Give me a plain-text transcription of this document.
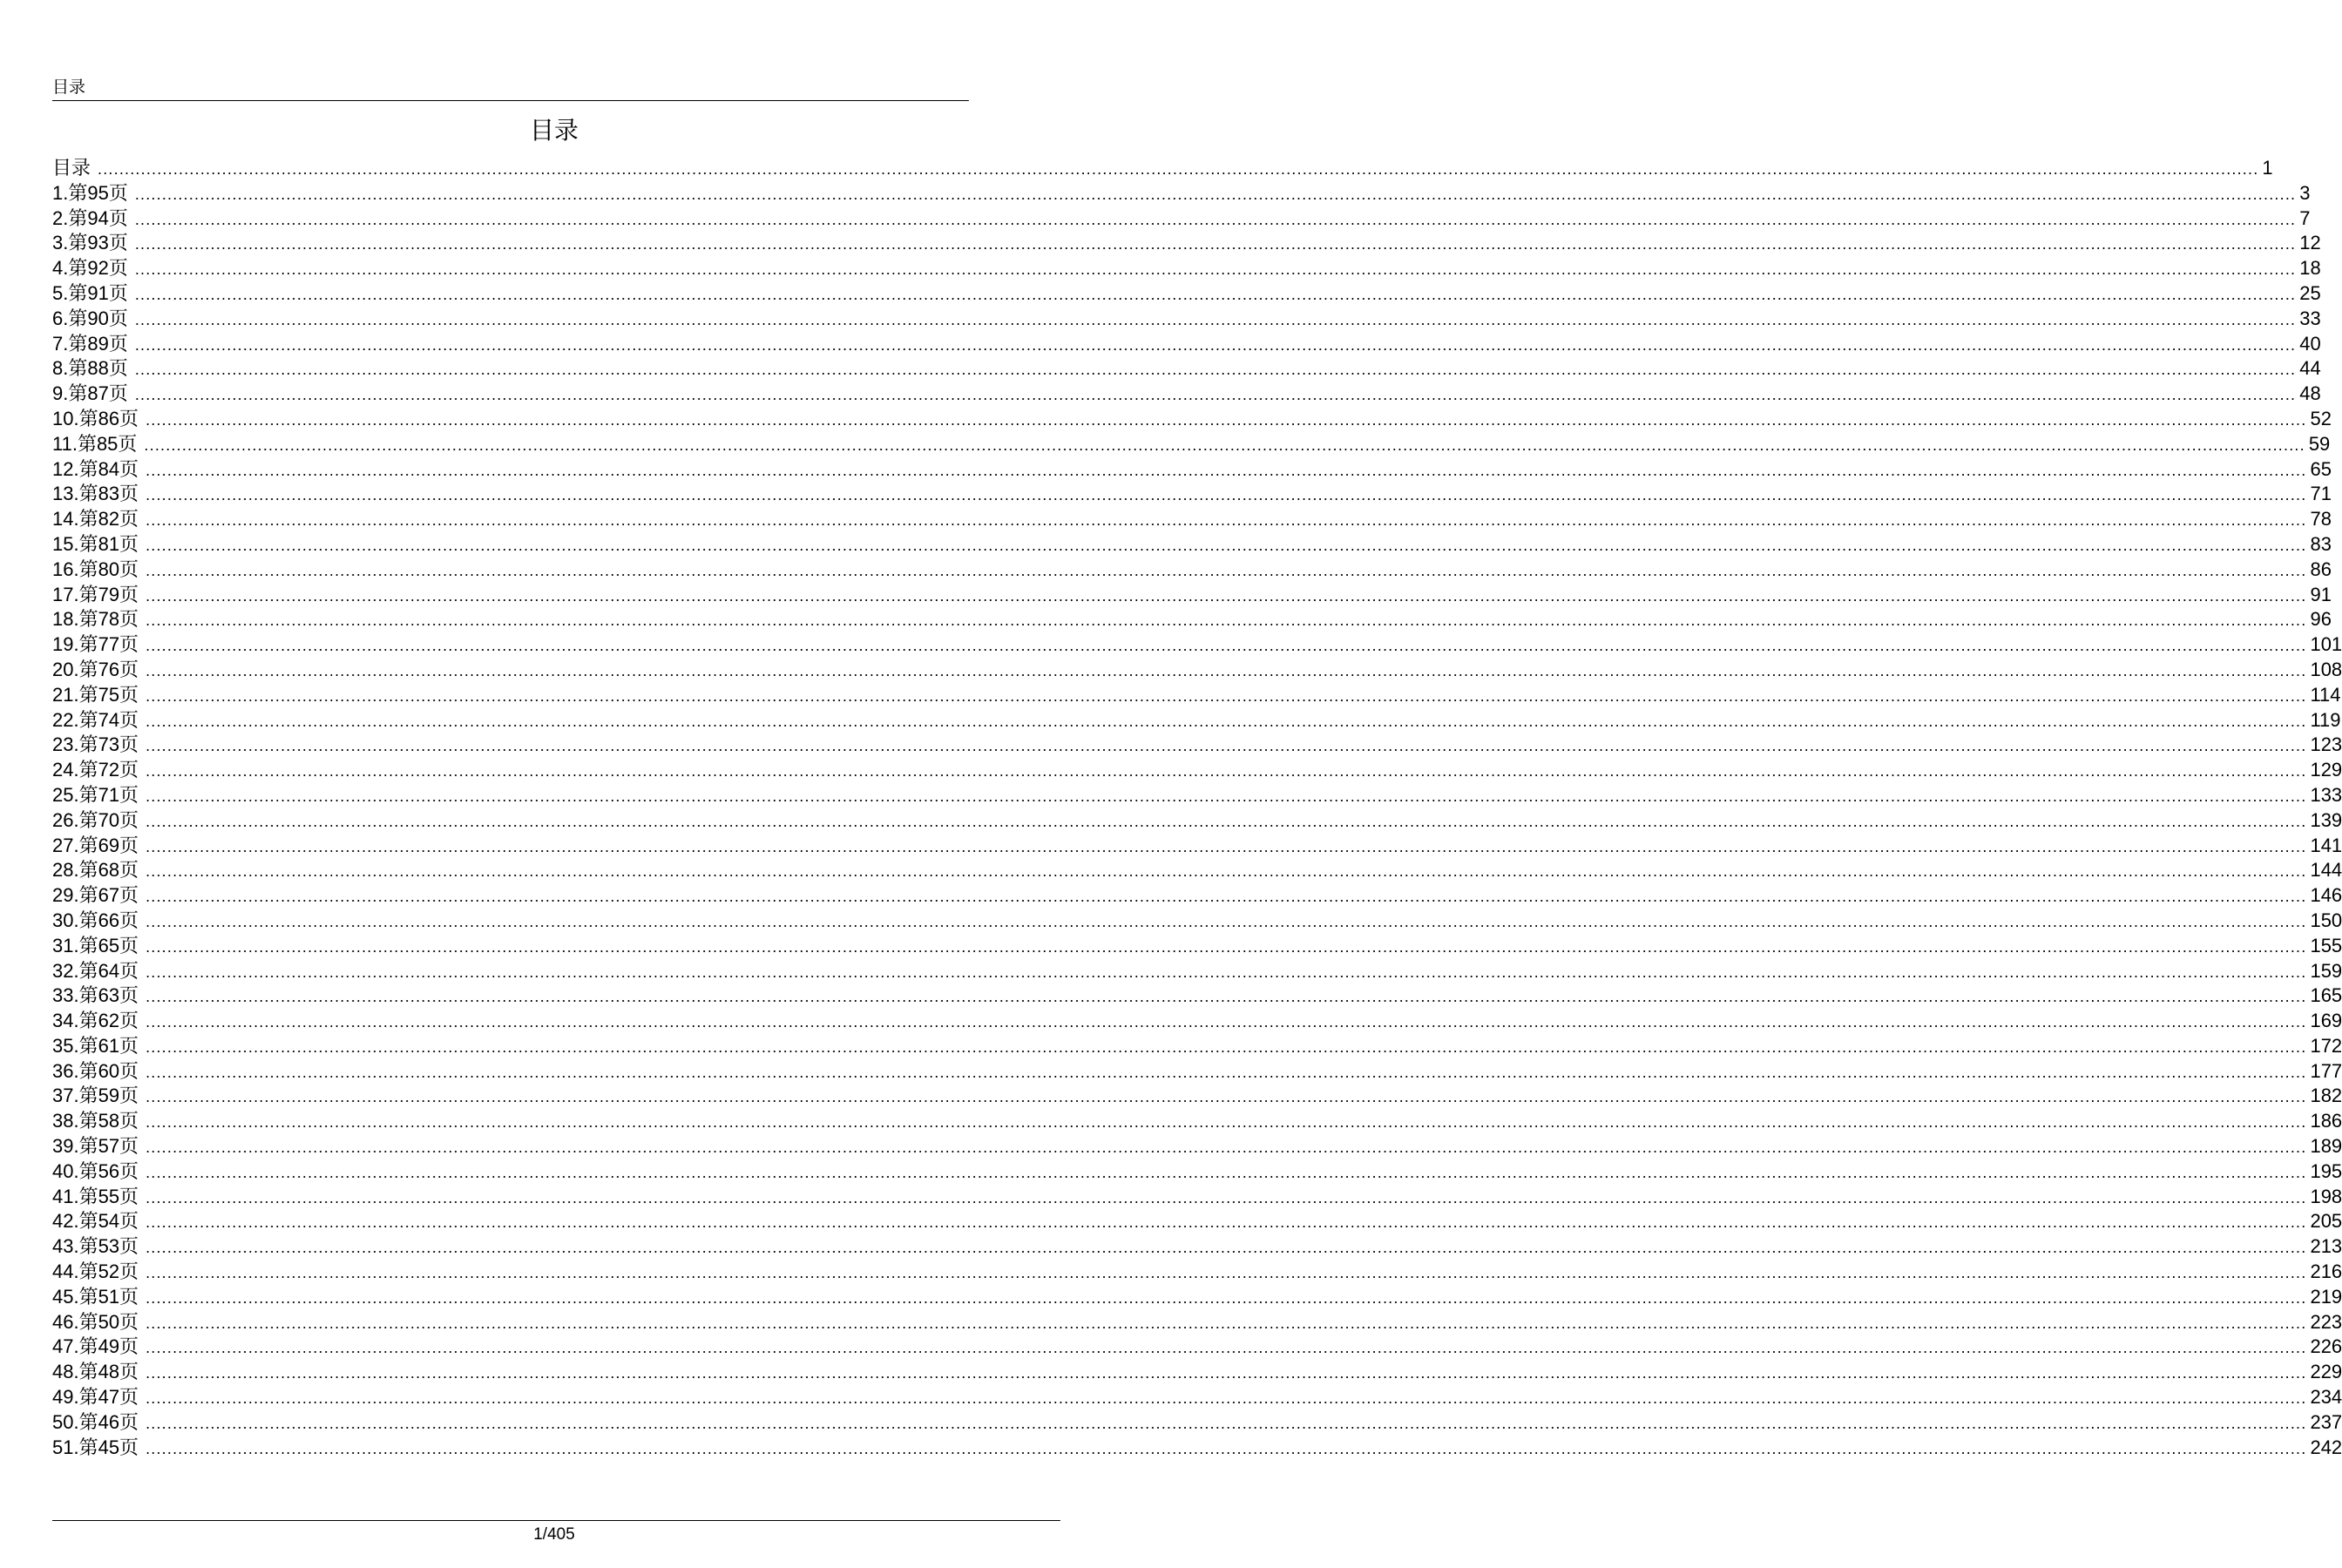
目录
目录
目录 ................................................................................................................................................................................................................................................................................................................................................................................................................ 1
1.第95页 ................................................................................................................................................................................................................................................................................................................................................................................................................ 3
2.第94页 ................................................................................................................................................................................................................................................................................................................................................................................................................ 7
3.第93页 ................................................................................................................................................................................................................................................................................................................................................................................................................ 12
4.第92页 ................................................................................................................................................................................................................................................................................................................................................................................................................ 18
5.第91页 ................................................................................................................................................................................................................................................................................................................................................................................................................ 25
6.第90页 ................................................................................................................................................................................................................................................................................................................................................................................................................ 33
7.第89页 ................................................................................................................................................................................................................................................................................................................................................................................................................ 40
8.第88页 ................................................................................................................................................................................................................................................................................................................................................................................................................ 44
9.第87页 ................................................................................................................................................................................................................................................................................................................................................................................................................ 48
10.第86页 ................................................................................................................................................................................................................................................................................................................................................................................................................ 52
11.第85页 ................................................................................................................................................................................................................................................................................................................................................................................................................ 59
12.第84页 ................................................................................................................................................................................................................................................................................................................................................................................................................ 65
13.第83页 ................................................................................................................................................................................................................................................................................................................................................................................................................ 71
14.第82页 ................................................................................................................................................................................................................................................................................................................................................................................................................ 78
15.第81页 ................................................................................................................................................................................................................................................................................................................................................................................................................ 83
16.第80页 ................................................................................................................................................................................................................................................................................................................................................................................................................ 86
17.第79页 ................................................................................................................................................................................................................................................................................................................................................................................................................ 91
18.第78页 ................................................................................................................................................................................................................................................................................................................................................................................................................ 96
19.第77页 ................................................................................................................................................................................................................................................................................................................................................................................................................ 101
20.第76页 ................................................................................................................................................................................................................................................................................................................................................................................................................ 108
21.第75页 ................................................................................................................................................................................................................................................................................................................................................................................................................ 114
22.第74页 ................................................................................................................................................................................................................................................................................................................................................................................................................ 119
23.第73页 ................................................................................................................................................................................................................................................................................................................................................................................................................ 123
24.第72页 ................................................................................................................................................................................................................................................................................................................................................................................................................ 129
25.第71页 ................................................................................................................................................................................................................................................................................................................................................................................................................ 133
26.第70页 ................................................................................................................................................................................................................................................................................................................................................................................................................ 139
27.第69页 ................................................................................................................................................................................................................................................................................................................................................................................................................ 141
28.第68页 ................................................................................................................................................................................................................................................................................................................................................................................................................ 144
29.第67页 ................................................................................................................................................................................................................................................................................................................................................................................................................ 146
30.第66页 ................................................................................................................................................................................................................................................................................................................................................................................................................ 150
31.第65页 ................................................................................................................................................................................................................................................................................................................................................................................................................ 155
32.第64页 ................................................................................................................................................................................................................................................................................................................................................................................................................ 159
33.第63页 ................................................................................................................................................................................................................................................................................................................................................................................................................ 165
34.第62页 ................................................................................................................................................................................................................................................................................................................................................................................................................ 169
35.第61页 ................................................................................................................................................................................................................................................................................................................................................................................................................ 172
36.第60页 ................................................................................................................................................................................................................................................................................................................................................................................................................ 177
37.第59页 ................................................................................................................................................................................................................................................................................................................................................................................................................ 182
38.第58页 ................................................................................................................................................................................................................................................................................................................................................................................................................ 186
39.第57页 ................................................................................................................................................................................................................................................................................................................................................................................................................ 189
40.第56页 ................................................................................................................................................................................................................................................................................................................................................................................................................ 195
41.第55页 ................................................................................................................................................................................................................................................................................................................................................................................................................ 198
42.第54页 ................................................................................................................................................................................................................................................................................................................................................................................................................ 205
43.第53页 ................................................................................................................................................................................................................................................................................................................................................................................................................ 213
44.第52页 ................................................................................................................................................................................................................................................................................................................................................................................................................ 216
45.第51页 ................................................................................................................................................................................................................................................................................................................................................................................................................ 219
46.第50页 ................................................................................................................................................................................................................................................................................................................................................................................................................ 223
47.第49页 ................................................................................................................................................................................................................................................................................................................................................................................................................ 226
48.第48页 ................................................................................................................................................................................................................................................................................................................................................................................................................ 229
49.第47页 ................................................................................................................................................................................................................................................................................................................................................................................................................ 234
50.第46页 ................................................................................................................................................................................................................................................................................................................................................................................................................ 237
51.第45页 ................................................................................................................................................................................................................................................................................................................................................................................................................ 242
1/405
